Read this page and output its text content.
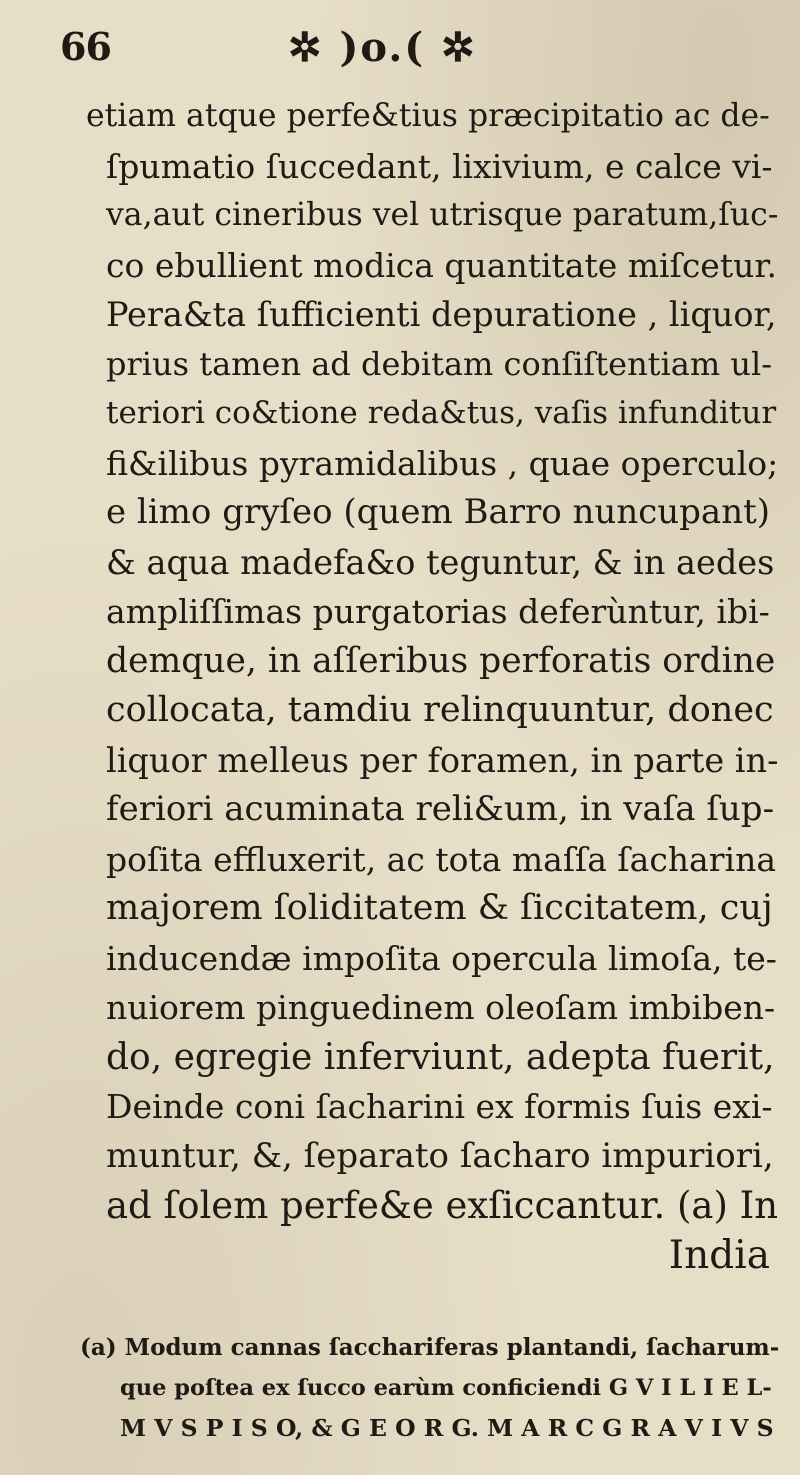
66	✲ )o.( ✲
etiam atque perfe&tius præcipitatio ac de-
ſpumatio ſuccedant, lixivium, e calce vi-
va,aut cineribus vel utrisque paratum,ſuc-
co ebullient modica quantitate miſcetur.
Pera&ta ſufficienti depuratione , liquor,
prius tamen ad debitam conſiſtentiam ul-
teriori co&tione reda&tus, vaſis infunditur
fi&ilibus pyramidalibus , quae operculo;
e limo gryſeo (quem Barro nuncupant)
& aqua madefa&o teguntur, & in aedes
ampliſſimas purgatorias deferùntur, ibi-
demque, in aſſeribus perforatis ordine
collocata, tamdiu relinquuntur, donec
liquor melleus per foramen, in parte in-
feriori acuminata reli&um, in vaſa ſup-
poſita effluxerit, ac tota maſſa ſacharina
majorem ſoliditatem & ſiccitatem, cuj
inducendæ impoſita opercula limoſa, te-
nuiorem pinguedinem oleoſam imbiben-
do, egregie inferviunt, adepta fuerit,
Deinde coni ſacharini ex formis ſuis exi-
muntur, &, ſeparato ſacharo impuriori,
ad ſolem perfe&e exſiccantur. (a) In
India
(a) Modum cannas ſacchariferas plantandi, ſacharum-
que poſtea ex ſucco earùm conficiendi G V I L I E L-
M V S P I S O, & G E O R G. M A R C G R A V I V S
